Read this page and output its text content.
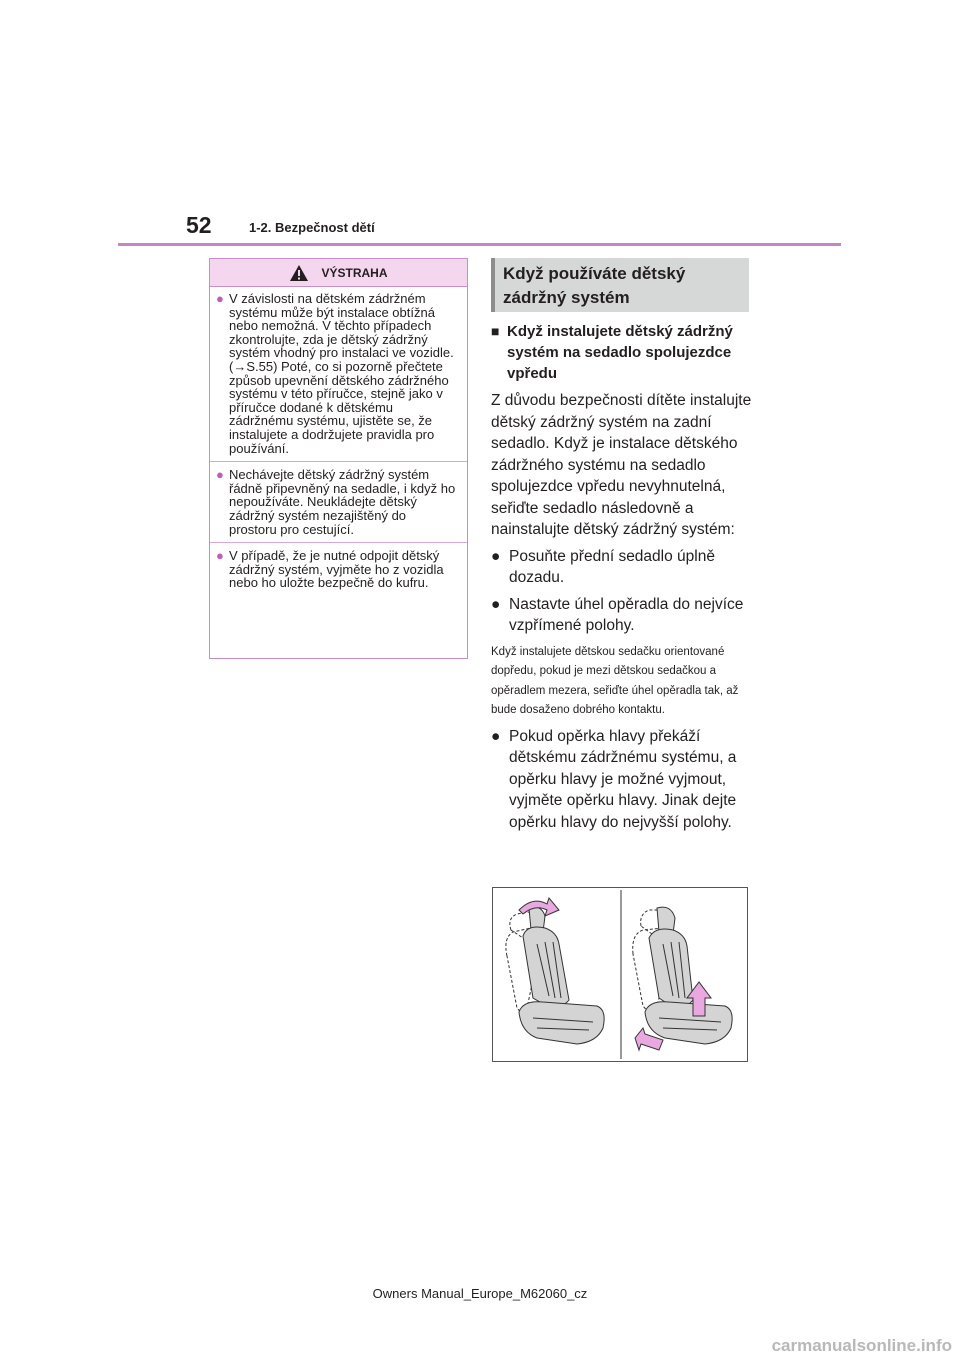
52	1-2. Bezpečnost dětí
VÝSTRAHA
● V závislosti na dětském zádržném systému může být instalace obtížná nebo nemožná. V těchto případech zkontrolujte, zda je dětský zádržný systém vhodný pro instalaci ve vozidle. (→S.55) Poté, co si pozorně přečtete způsob upevnění dětského zádržného systému v této příručce, stejně jako v příručce dodané k dětskému zádržnému systému, ujistěte se, že instalujete a dodržujete pravidla pro používání.
● Nechávejte dětský zádržný systém řádně připevněný na sedadle, i když ho nepoužíváte. Neukládejte dětský zádržný systém nezajištěný do prostoru pro cestující.
● V případě, že je nutné odpojit dětský zádržný systém, vyjměte ho z vozidla nebo ho uložte bezpečně do kufru.
Když používáte dětský zádržný systém
■ Když instalujete dětský zádržný systém na sedadlo spolujezdce vpředu
Z důvodu bezpečnosti dítěte instalujte dětský zádržný systém na zadní sedadlo. Když je instalace dětského zádržného systému na sedadlo spolujezdce vpředu nevyhnutelná, seřiďte sedadlo následovně a nainstalujte dětský zádržný systém:
● Posuňte přední sedadlo úplně dozadu.
● Nastavte úhel opěradla do nejvíce vzpřímené polohy.
Když instalujete dětskou sedačku orientované dopředu, pokud je mezi dětskou sedačkou a opěradlem mezera, seřiďte úhel opěradla tak, až bude dosaženo dobrého kontaktu.
● Pokud opěrka hlavy překáží dětskému zádržnému systému, a opěrku hlavy je možné vyjmout, vyjměte opěrku hlavy. Jinak dejte opěrku hlavy do nejvyšší polohy.
Owners Manual_Europe_M62060_cz
carmanualsonline.info
